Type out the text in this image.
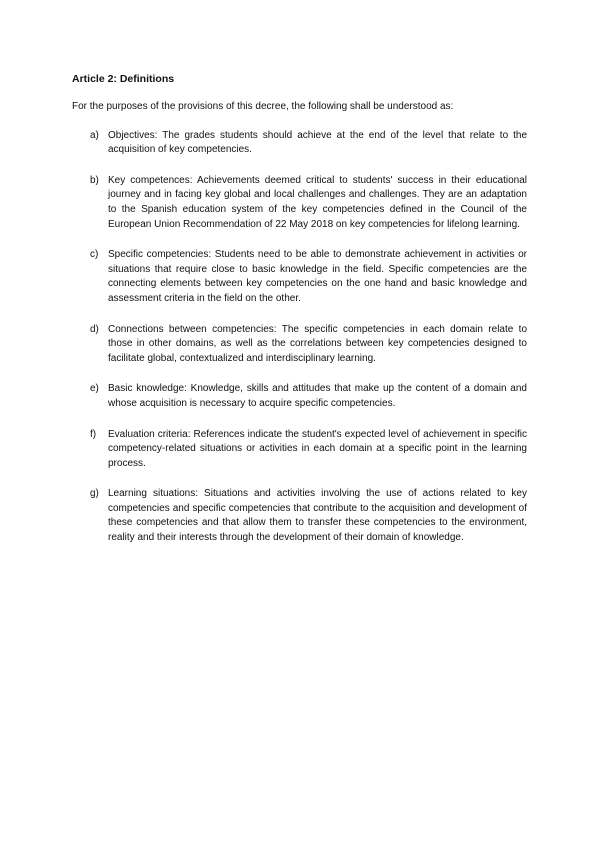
Article 2: Definitions
For the purposes of the provisions of this decree, the following shall be understood as:
a) Objectives: The grades students should achieve at the end of the level that relate to the acquisition of key competencies.
b) Key competences: Achievements deemed critical to students' success in their educational journey and in facing key global and local challenges and challenges. They are an adaptation to the Spanish education system of the key competencies defined in the Council of the European Union Recommendation of 22 May 2018 on key competencies for lifelong learning.
c) Specific competencies: Students need to be able to demonstrate achievement in activities or situations that require close to basic knowledge in the field. Specific competencies are the connecting elements between key competencies on the one hand and basic knowledge and assessment criteria in the field on the other.
d) Connections between competencies: The specific competencies in each domain relate to those in other domains, as well as the correlations between key competencies designed to facilitate global, contextualized and interdisciplinary learning.
e) Basic knowledge: Knowledge, skills and attitudes that make up the content of a domain and whose acquisition is necessary to acquire specific competencies.
f) Evaluation criteria: References indicate the student's expected level of achievement in specific competency-related situations or activities in each domain at a specific point in the learning process.
g) Learning situations: Situations and activities involving the use of actions related to key competencies and specific competencies that contribute to the acquisition and development of these competencies and that allow them to transfer these competencies to the environment, reality and their interests through the development of their domain of knowledge.
